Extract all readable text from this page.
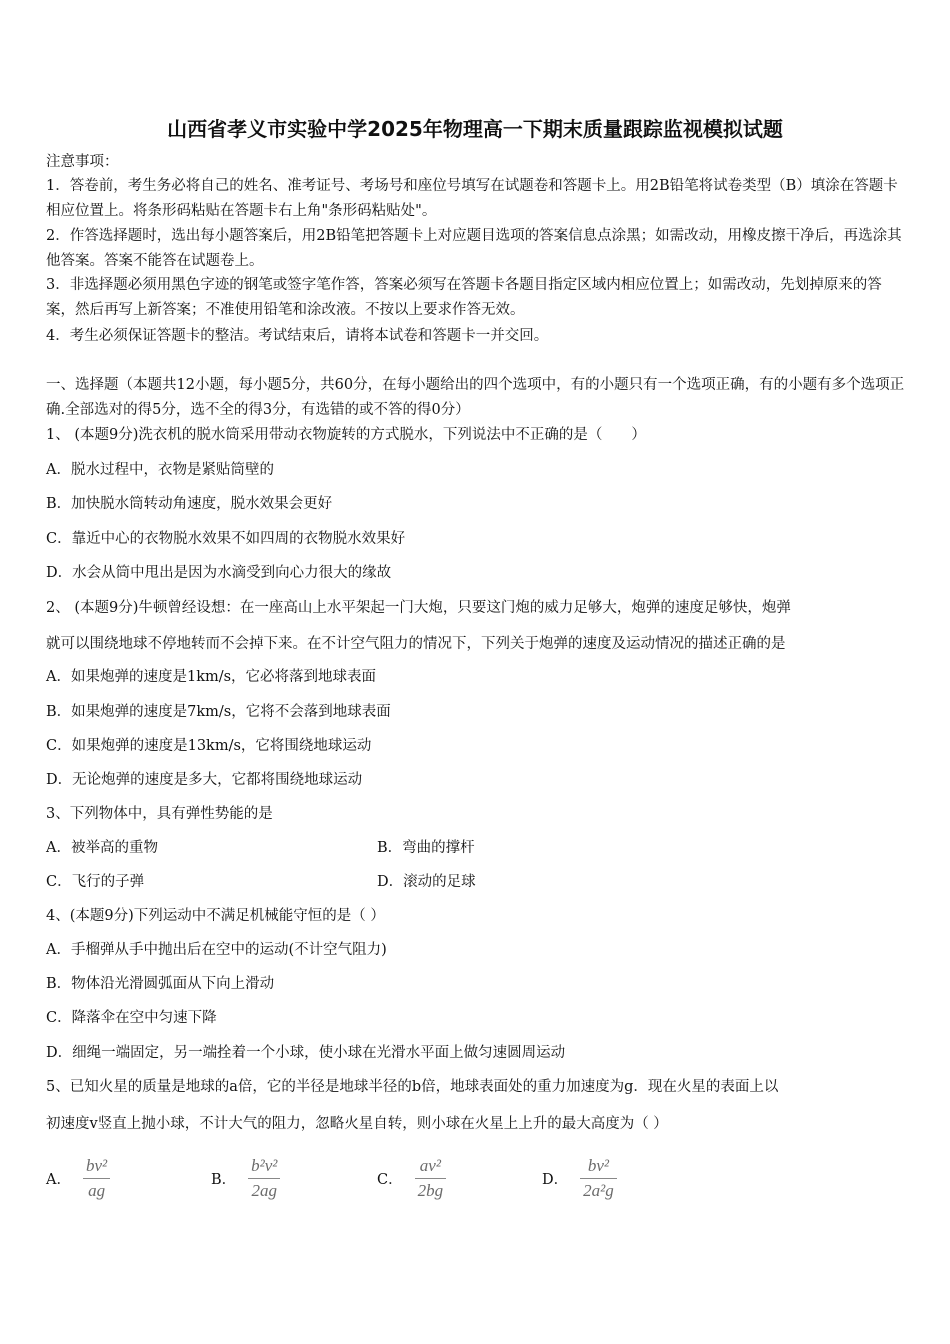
山西省孝义市实验中学2025年物理高一下期末质量跟踪监视模拟试题
注意事项：
1．答卷前，考生务必将自己的姓名、准考证号、考场号和座位号填写在试题卷和答题卡上。用2B铅笔将试卷类型（B）填涂在答题卡相应位置上。将条形码粘贴在答题卡右上角"条形码粘贴处"。
2．作答选择题时，选出每小题答案后，用2B铅笔把答题卡上对应题目选项的答案信息点涂黑；如需改动，用橡皮擦干净后，再选涂其他答案。答案不能答在试题卷上。
3．非选择题必须用黑色字迹的钢笔或签字笔作答，答案必须写在答题卡各题目指定区域内相应位置上；如需改动，先划掉原来的答案，然后再写上新答案；不准使用铅笔和涂改液。不按以上要求作答无效。
4．考生必须保证答题卡的整洁。考试结束后，请将本试卷和答题卡一并交回。
一、选择题（本题共12小题，每小题5分，共60分，在每小题给出的四个选项中，有的小题只有一个选项正确，有的小题有多个选项正确.全部选对的得5分，选不全的得3分，有选错的或不答的得0分）
1、 (本题9分)洗衣机的脱水筒采用带动衣物旋转的方式脱水，下列说法中不正确的是（　　）
A．脱水过程中，衣物是紧贴筒壁的
B．加快脱水筒转动角速度，脱水效果会更好
C．靠近中心的衣物脱水效果不如四周的衣物脱水效果好
D．水会从筒中甩出是因为水滴受到向心力很大的缘故
2、 (本题9分)牛顿曾经设想：在一座高山上水平架起一门大炮，只要这门炮的威力足够大，炮弹的速度足够快，炮弹
就可以围绕地球不停地转而不会掉下来。在不计空气阻力的情况下，下列关于炮弹的速度及运动情况的描述正确的是
A．如果炮弹的速度是1km/s，它必将落到地球表面
B．如果炮弹的速度是7km/s，它将不会落到地球表面
C．如果炮弹的速度是13km/s，它将围绕地球运动
D．无论炮弹的速度是多大，它都将围绕地球运动
3、下列物体中，具有弹性势能的是
A．被举高的重物	B．弯曲的撑杆
C．飞行的子弹	D．滚动的足球
4、(本题9分)下列运动中不满足机械能守恒的是（ ）
A．手榴弹从手中抛出后在空中的运动(不计空气阻力)
B．物体沿光滑圆弧面从下向上滑动
C．降落伞在空中匀速下降
D．细绳一端固定，另一端拴着一个小球，使小球在光滑水平面上做匀速圆周运动
5、已知火星的质量是地球的a倍，它的半径是地球半径的b倍，地球表面处的重力加速度为g．现在火星的表面上以
初速度v竖直上抛小球，不计大气的阻力，忽略火星自转，则小球在火星上上升的最大高度为（ ）
A． $\frac{\text{bv²}}{ag}$	B． $\frac{\text{b²v²}}{2ag}$	C． $\frac{\text{av²}}{2bg}$	D． $\frac{\text{bv²}}{\text{2a²g}}$
